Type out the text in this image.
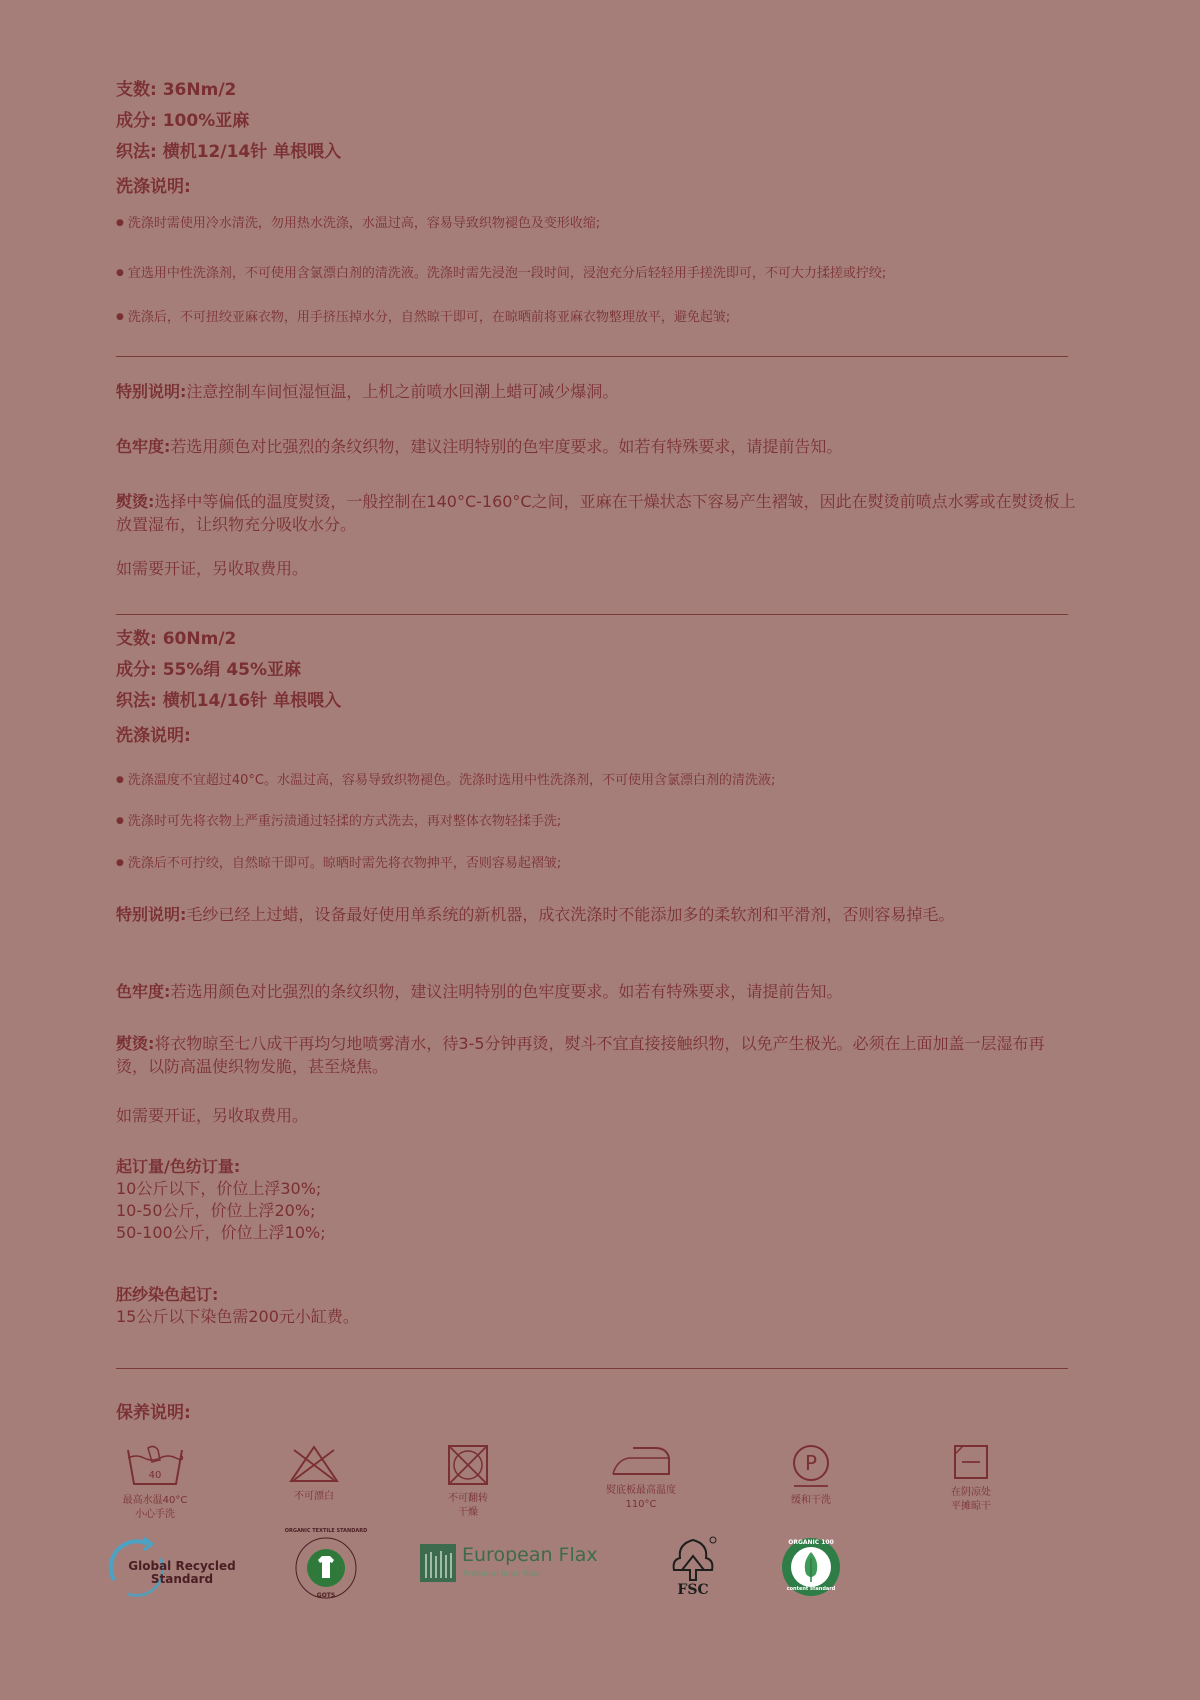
支数: 36Nm/2
成分: 100%亚麻
织法: 横机12/14针 单根喂入
洗涤说明:
● 洗涤时需使用冷水清洗，勿用热水洗涤，水温过高，容易导致织物褪色及变形收缩;
● 宜选用中性洗涤剂，不可使用含氯漂白剂的清洗液。洗涤时需先浸泡一段时间，浸泡充分后轻轻用手搓洗即可，不可大力揉搓或拧绞;
● 洗涤后，不可扭绞亚麻衣物，用手挤压掉水分，自然晾干即可，在晾晒前将亚麻衣物整理放平，避免起皱;
特别说明:注意控制车间恒湿恒温，上机之前喷水回潮上蜡可减少爆洞。
色牢度:若选用颜色对比强烈的条纹织物，建议注明特别的色牢度要求。如若有特殊要求，请提前告知。
熨烫:选择中等偏低的温度熨烫，一般控制在140°C-160°C之间，亚麻在干燥状态下容易产生褶皱，因此在熨烫前喷点水雾或在熨烫板上放置湿布，让织物充分吸收水分。
如需要开证，另收取费用。
支数: 60Nm/2
成分: 55%绢 45%亚麻
织法: 横机14/16针 单根喂入
洗涤说明:
● 洗涤温度不宜超过40°C。水温过高，容易导致织物褪色。洗涤时选用中性洗涤剂，不可使用含氯漂白剂的清洗液;
● 洗涤时可先将衣物上严重污渍通过轻揉的方式洗去，再对整体衣物轻揉手洗;
● 洗涤后不可拧绞，自然晾干即可。晾晒时需先将衣物抻平，否则容易起褶皱;
特别说明:毛纱已经上过蜡，设备最好使用单系统的新机器，成衣洗涤时不能添加多的柔软剂和平滑剂，否则容易掉毛。
色牢度:若选用颜色对比强烈的条纹织物，建议注明特别的色牢度要求。如若有特殊要求，请提前告知。
熨烫:将衣物晾至七八成干再均匀地喷雾清水，待3-5分钟再烫，熨斗不宜直接接触织物，以免产生极光。必须在上面加盖一层湿布再烫，以防高温使织物发脆，甚至烧焦。
如需要开证，另收取费用。
起订量/色纺订量:
10公斤以下，价位上浮30%;
10-50公斤，价位上浮20%;
50-100公斤，价位上浮10%;
胚纱染色起订:
15公斤以下染色需200元小缸费。
保养说明:
40
最高水温40°C
小心手洗
不可漂白	不可翻转
干燥
熨底板最高温度
110°C
P
缓和干洗
在阴凉处
平摊晾干
Global Recycled
Standard
ORGANIC TEXTILE STANDARD
GOTS
European Flax
Premium linen fiber
FSC
ORGANIC 100
content standard
